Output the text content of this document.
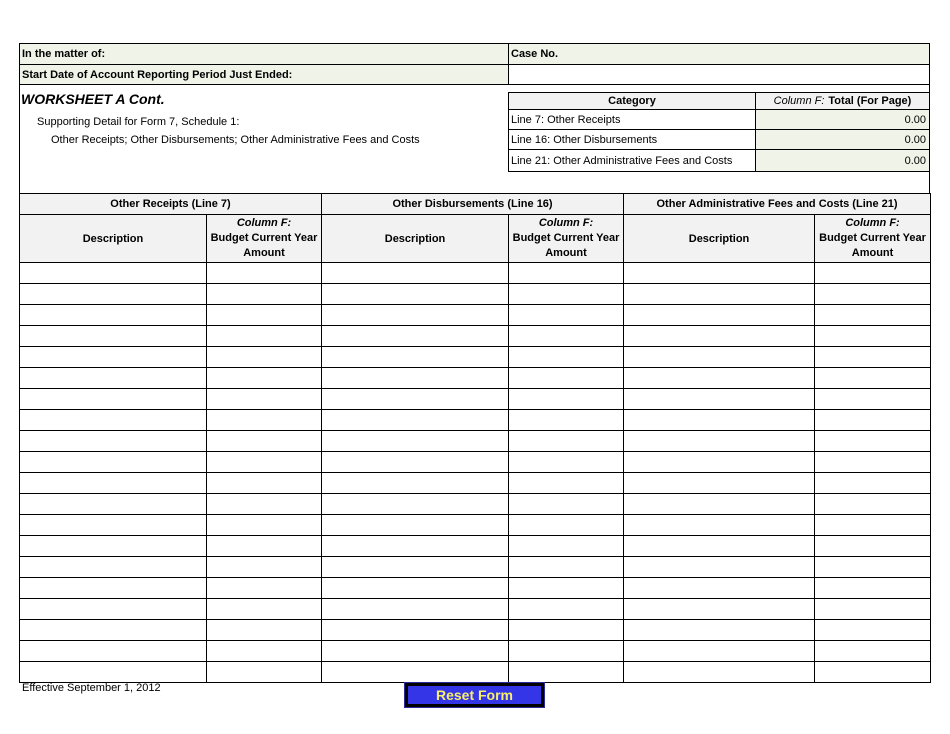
In the matter of:	Case No.
Start Date of Account Reporting Period Just Ended:
WORKSHEET A Cont.
Supporting Detail for Form 7, Schedule 1:
Other Receipts; Other Disbursements; Other Administrative Fees and Costs
Category	Column F: Total (For Page)
Line 7: Other Receipts	0.00
Line 16: Other Disbursements	0.00
Line 21: Other Administrative Fees and Costs	0.00
Other Receipts (Line 7)		Other Disbursements (Line 16)		Other Administrative Fees and Costs (Line 21)	
Description	Column F:
Budget Current Year
Amount	Description	Column F:
Budget Current Year
Amount	Description	Column F:
Budget Current Year
Amount

Effective September 1, 2012	Reset Form
